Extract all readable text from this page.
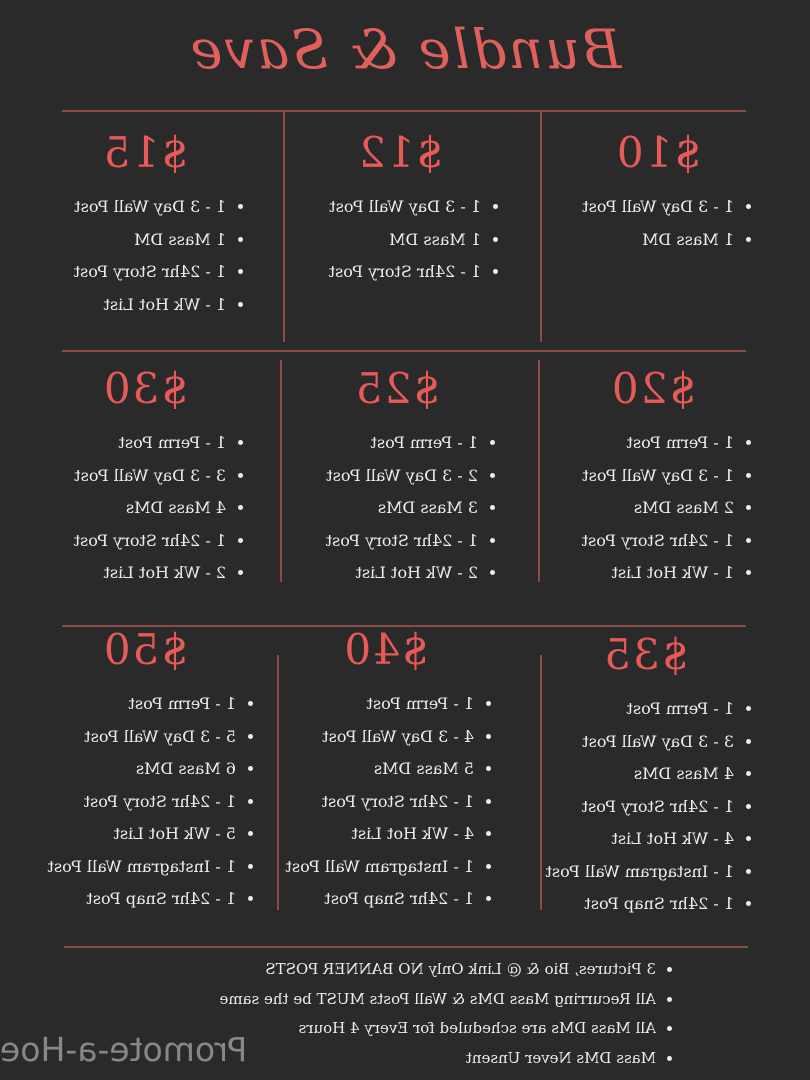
Bundle & Save
$10
• 1 - 3 Day Wall Post
• 1 Mass DM
$12
• 1 - 3 Day Wall Post
• 1 Mass DM
• 1 - 24hr Story Post
$15
• 1 - 3 Day Wall Post
• 1 Mass DM
• 1 - 24hr Story Post
• 1 - Wk Hot List
$20
• 1 - Perm Post
• 1 - 3 Day Wall Post
• 2 Mass DMs
• 1 - 24hr Story Post
• 1 - Wk Hot List
$25
• 1 - Perm Post
• 2 - 3 Day Wall Post
• 3 Mass DMs
• 1 - 24hr Story Post
• 2 - Wk Hot List
$30
• 1 - Perm Post
• 3 - 3 Day Wall Post
• 4 Mass DMs
• 1 - 24hr Story Post
• 2 - Wk Hot List
$35
• 1 - Perm Post
• 3 - 3 Day Wall Post
• 4 Mass DMs
• 1 - 24hr Story Post
• 4 - Wk Hot List
• 1 - Instagram Wall Post
• 1 - 24hr Snap Post
$40
• 1 - Perm Post
• 4 - 3 Day Wall Post
• 5 Mass DMs
• 1 - 24hr Story Post
• 4 - Wk Hot List
• 1 - Instagram Wall Post
• 1 - 24hr Snap Post
$50
• 1 - Perm Post
• 5 - 3 Day Wall Post
• 6 Mass DMs
• 1 - 24hr Story Post
• 5 - Wk Hot List
• 1 - Instagram Wall Post
• 1 - 24hr Snap Post
• 3 Pictures, Bio & @ Link Only NO BANNER POSTS
• All Recurring Mass DMs & Wall Posts MUST be the same
• All Mass DMs are scheduled for Every 4 Hours
• Mass DMs Never Unsent
Promote-a-Hoe
